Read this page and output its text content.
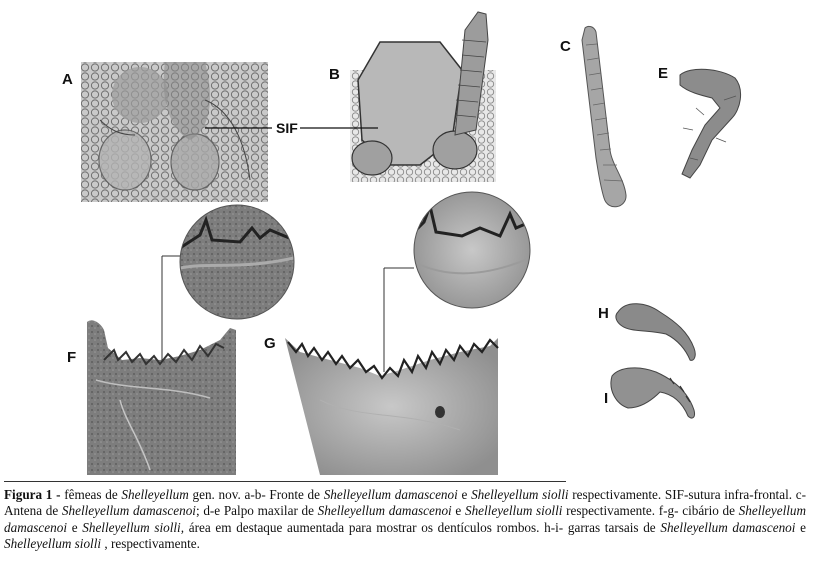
A	B
SIF
C
E
F
G
H
I
Figura 1 - fêmeas de Shelleyellum gen. nov. a-b- Fronte de Shelleyellum damascenoi e Shelleyellum siolli respectivamente. SIF-sutura infra-frontal. c- Antena de Shelleyellum damascenoi; d-e Palpo maxilar de Shelleyellum damascenoi e Shelleyellum siolli respectivamente. f-g- cibário de Shelleyellum damascenoi e Shelleyellum siolli, área em destaque aumentada para mostrar os dentículos rombos. h-i- garras tarsais de Shelleyellum damascenoi e Shelleyellum siolli , respectivamente.
